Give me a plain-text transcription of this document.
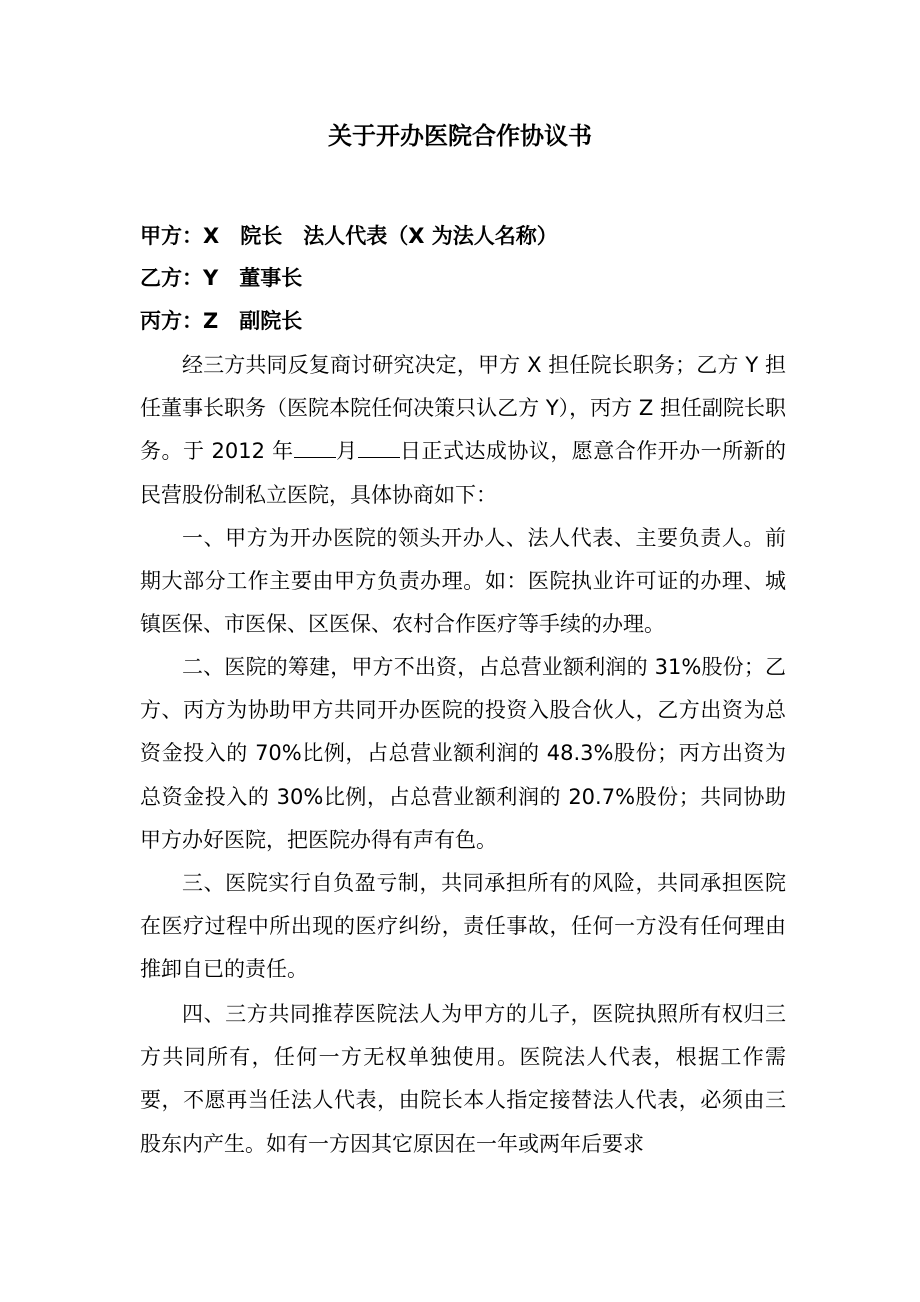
关于开办医院合作协议书
甲方：X　院长　法人代表（X 为法人名称）
乙方：Y　董事长
丙方：Z　副院长

经三方共同反复商讨研究决定，甲方 X 担任院长职务；乙方 Y 担任董事长职务（医院本院任何决策只认乙方 Y），丙方 Z 担任副院长职务。于 2012 年 月 日正式达成协议，愿意合作开办一所新的民营股份制私立医院，具体协商如下：

一、甲方为开办医院的领头开办人、法人代表、主要负责人。前期大部分工作主要由甲方负责办理。如：医院执业许可证的办理、城镇医保、市医保、区医保、农村合作医疗等手续的办理。

二、医院的筹建，甲方不出资，占总营业额利润的 31%股份；乙方、丙方为协助甲方共同开办医院的投资入股合伙人，乙方出资为总资金投入的 70%比例，占总营业额利润的 48.3%股份；丙方出资为总资金投入的 30%比例，占总营业额利润的 20.7%股份；共同协助甲方办好医院，把医院办得有声有色。

三、医院实行自负盈亏制，共同承担所有的风险，共同承担医院在医疗过程中所出现的医疗纠纷，责任事故，任何一方没有任何理由推卸自已的责任。

四、三方共同推荐医院法人为甲方的儿子，医院执照所有权归三方共同所有，任何一方无权单独使用。医院法人代表，根据工作需要，不愿再当任法人代表，由院长本人指定接替法人代表，必须由三股东内产生。如有一方因其它原因在一年或两年后要求
